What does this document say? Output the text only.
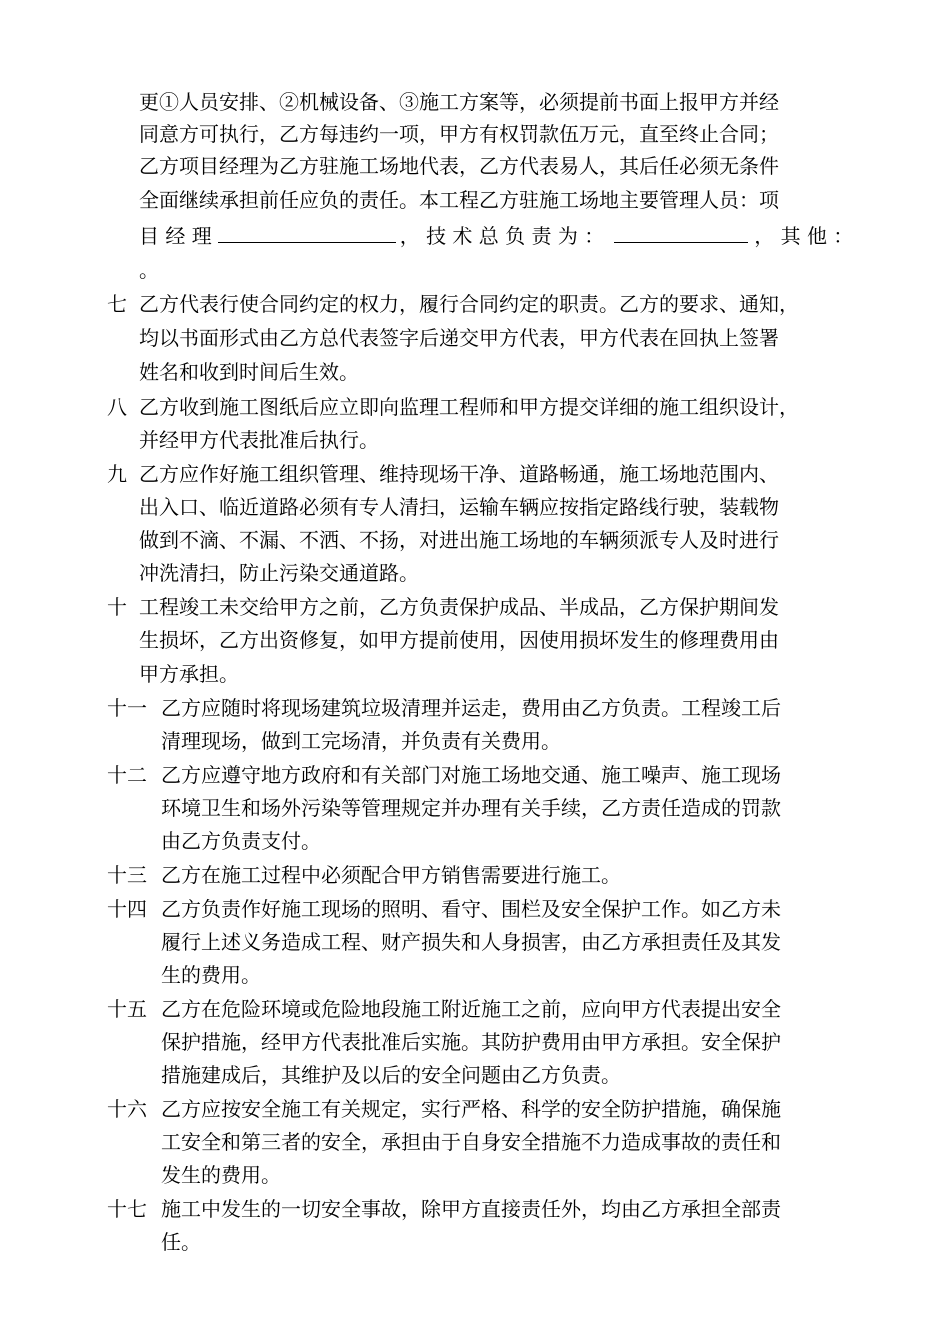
更①人员安排、②机械设备、③施工方案等，必须提前书面上报甲方并经
同意方可执行，乙方每违约一项，甲方有权罚款伍万元，直至终止合同；
乙方项目经理为乙方驻施工场地代表，乙方代表易人，其后任必须无条件
全面继续承担前任应负的责任。本工程乙方驻施工场地主要管理人员：项
目 经 理	， 技 术 总 负 责 为 ：	， 其 他 ：
。
七 乙方代表行使合同约定的权力，履行合同约定的职责。乙方的要求、通知，
均以书面形式由乙方总代表签字后递交甲方代表，甲方代表在回执上签署
姓名和收到时间后生效。
八 乙方收到施工图纸后应立即向监理工程师和甲方提交详细的施工组织设计，
并经甲方代表批准后执行。
九 乙方应作好施工组织管理、维持现场干净、道路畅通，施工场地范围内、
出入口、临近道路必须有专人清扫，运输车辆应按指定路线行驶，装载物
做到不滴、不漏、不洒、不扬，对进出施工场地的车辆须派专人及时进行
冲洗清扫，防止污染交通道路。
十 工程竣工未交给甲方之前，乙方负责保护成品、半成品，乙方保护期间发
生损坏，乙方出资修复，如甲方提前使用，因使用损坏发生的修理费用由
甲方承担。
十一 乙方应随时将现场建筑垃圾清理并运走，费用由乙方负责。工程竣工后
清理现场，做到工完场清，并负责有关费用。
十二 乙方应遵守地方政府和有关部门对施工场地交通、施工噪声、施工现场
环境卫生和场外污染等管理规定并办理有关手续，乙方责任造成的罚款
由乙方负责支付。
十三 乙方在施工过程中必须配合甲方销售需要进行施工。
十四 乙方负责作好施工现场的照明、看守、围栏及安全保护工作。如乙方未
履行上述义务造成工程、财产损失和人身损害，由乙方承担责任及其发
生的费用。
十五 乙方在危险环境或危险地段施工附近施工之前，应向甲方代表提出安全
保护措施，经甲方代表批准后实施。其防护费用由甲方承担。安全保护
措施建成后，其维护及以后的安全问题由乙方负责。
十六 乙方应按安全施工有关规定，实行严格、科学的安全防护措施，确保施
工安全和第三者的安全，承担由于自身安全措施不力造成事故的责任和
发生的费用。
十七 施工中发生的一切安全事故，除甲方直接责任外，均由乙方承担全部责
任。
